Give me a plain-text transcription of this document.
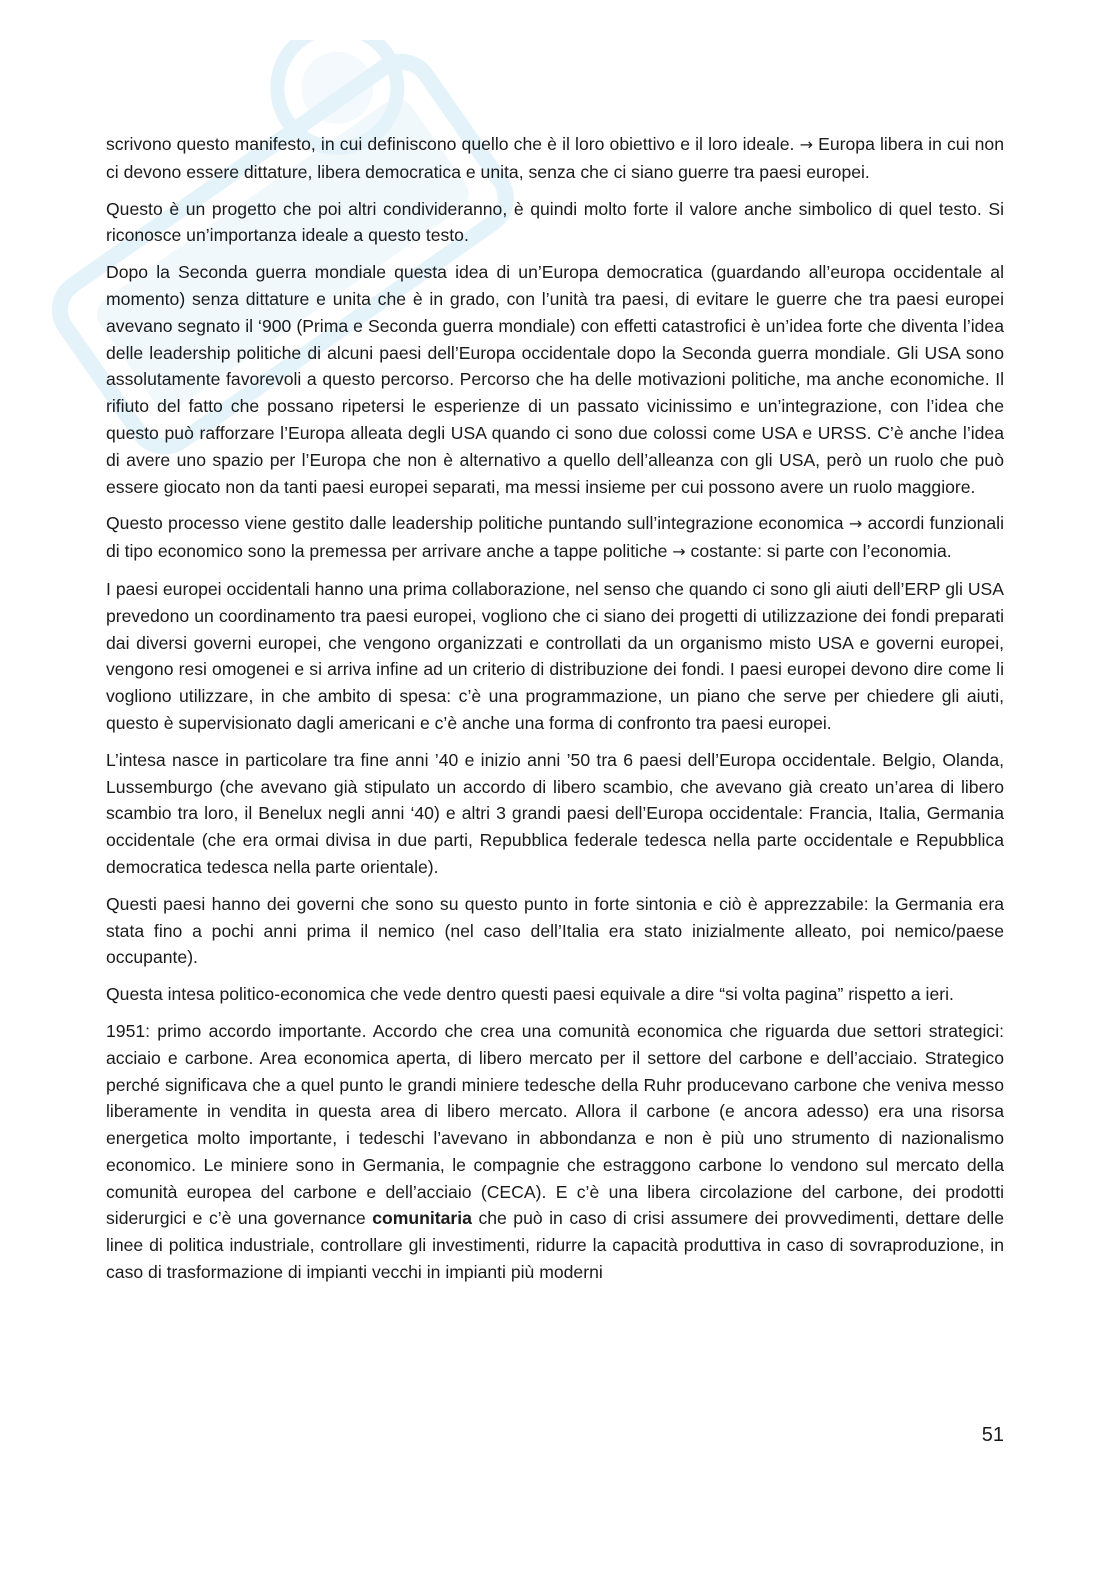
scrivono questo manifesto, in cui definiscono quello che è il loro obiettivo e il loro ideale. → Europa libera in cui non ci devono essere dittature, libera democratica e unita, senza che ci siano guerre tra paesi europei.

Questo è un progetto che poi altri condivideranno, è quindi molto forte il valore anche simbolico di quel testo. Si riconosce un’importanza ideale a questo testo.

Dopo la Seconda guerra mondiale questa idea di un’Europa democratica (guardando all’europa occidentale al momento) senza dittature e unita che è in grado, con l’unità tra paesi, di evitare le guerre che tra paesi europei avevano segnato il ‘900 (Prima e Seconda guerra mondiale) con effetti catastrofici è un’idea forte che diventa l’idea delle leadership politiche di alcuni paesi dell’Europa occidentale dopo la Seconda guerra mondiale. Gli USA sono assolutamente favorevoli a questo percorso. Percorso che ha delle motivazioni politiche, ma anche economiche. Il rifiuto del fatto che possano ripetersi le esperienze di un passato vicinissimo e un’integrazione, con l’idea che questo può rafforzare l’Europa alleata degli USA quando ci sono due colossi come USA e URSS. C’è anche l’idea di avere uno spazio per l’Europa che non è alternativo a quello dell’alleanza con gli USA, però un ruolo che può essere giocato non da tanti paesi europei separati, ma messi insieme per cui possono avere un ruolo maggiore.

Questo processo viene gestito dalle leadership politiche puntando sull’integrazione economica → accordi funzionali di tipo economico sono la premessa per arrivare anche a tappe politiche → costante: si parte con l’economia.

I paesi europei occidentali hanno una prima collaborazione, nel senso che quando ci sono gli aiuti dell’ERP gli USA prevedono un coordinamento tra paesi europei, vogliono che ci siano dei progetti di utilizzazione dei fondi preparati dai diversi governi europei, che vengono organizzati e controllati da un organismo misto USA e governi europei, vengono resi omogenei e si arriva infine ad un criterio di distribuzione dei fondi. I paesi europei devono dire come li vogliono utilizzare, in che ambito di spesa: c’è una programmazione, un piano che serve per chiedere gli aiuti, questo è supervisionato dagli americani e c’è anche una forma di confronto tra paesi europei.

L’intesa nasce in particolare tra fine anni ’40 e inizio anni ’50 tra 6 paesi dell’Europa occidentale. Belgio, Olanda, Lussemburgo (che avevano già stipulato un accordo di libero scambio, che avevano già creato un’area di libero scambio tra loro, il Benelux negli anni ‘40) e altri 3 grandi paesi dell’Europa occidentale: Francia, Italia, Germania occidentale (che era ormai divisa in due parti, Repubblica federale tedesca nella parte occidentale e Repubblica democratica tedesca nella parte orientale).

Questi paesi hanno dei governi che sono su questo punto in forte sintonia e ciò è apprezzabile: la Germania era stata fino a pochi anni prima il nemico (nel caso dell’Italia era stato inizialmente alleato, poi nemico/paese occupante).

Questa intesa politico-economica che vede dentro questi paesi equivale a dire “si volta pagina” rispetto a ieri.

1951: primo accordo importante. Accordo che crea una comunità economica che riguarda due settori strategici: acciaio e carbone. Area economica aperta, di libero mercato per il settore del carbone e dell’acciaio. Strategico perché significava che a quel punto le grandi miniere tedesche della Ruhr producevano carbone che veniva messo liberamente in vendita in questa area di libero mercato. Allora il carbone (e ancora adesso) era una risorsa energetica molto importante, i tedeschi l’avevano in abbondanza e non è più uno strumento di nazionalismo economico. Le miniere sono in Germania, le compagnie che estraggono carbone lo vendono sul mercato della comunità europea del carbone e dell’acciaio (CECA). E c’è una libera circolazione del carbone, dei prodotti siderurgici e c’è una governance comunitaria che può in caso di crisi assumere dei provvedimenti, dettare delle linee di politica industriale, controllare gli investimenti, ridurre la capacità produttiva in caso di sovraproduzione, in caso di trasformazione di impianti vecchi in impianti più moderni

51
